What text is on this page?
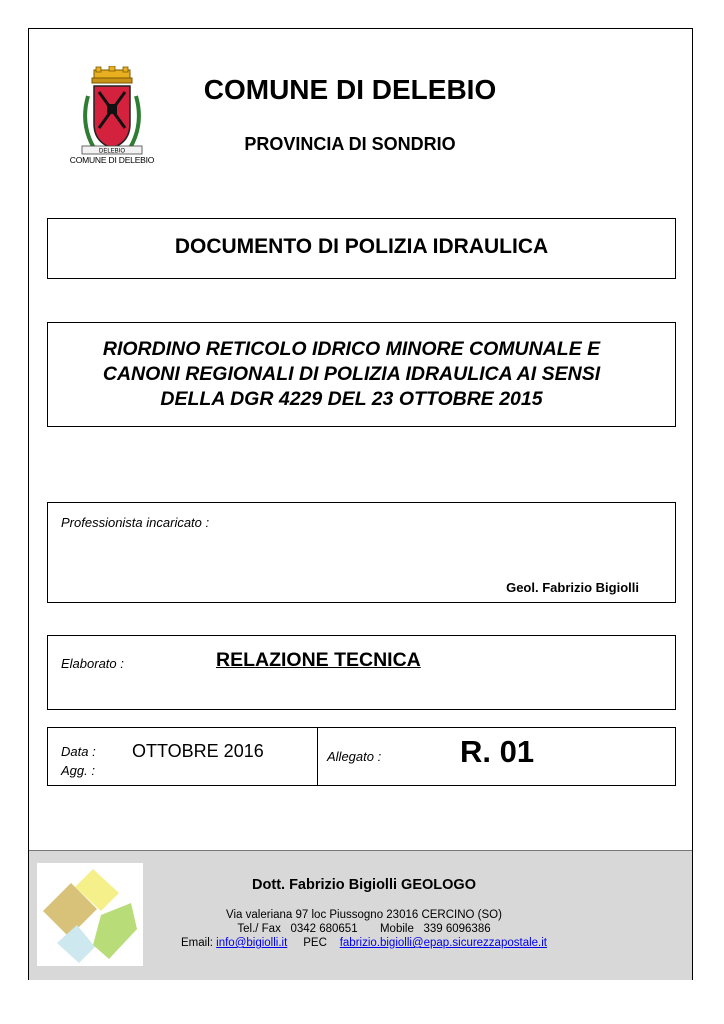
DELEBIO
COMUNE DI DELEBIO
COMUNE DI DELEBIO
PROVINCIA DI SONDRIO
DOCUMENTO DI POLIZIA IDRAULICA
RIORDINO RETICOLO IDRICO MINORE COMUNALE E
CANONI REGIONALI DI POLIZIA IDRAULICA AI SENSI
DELLA DGR 4229 DEL 23 OTTOBRE 2015
Professionista incaricato :
Geol. Fabrizio Bigiolli
Elaborato :	RELAZIONE TECNICA
Data : OTTOBRE 2016
Agg. :
Allegato :	R. 01
Dott. Fabrizio Bigiolli GEOLOGO
Via valeriana 97 loc Piussogno 23016 CERCINO (SO)
Tel./ Fax 0342 680651 Mobile 339 6096386
Email: info@bigiolli.it PEC fabrizio.bigiolli@epap.sicurezzapostale.it
